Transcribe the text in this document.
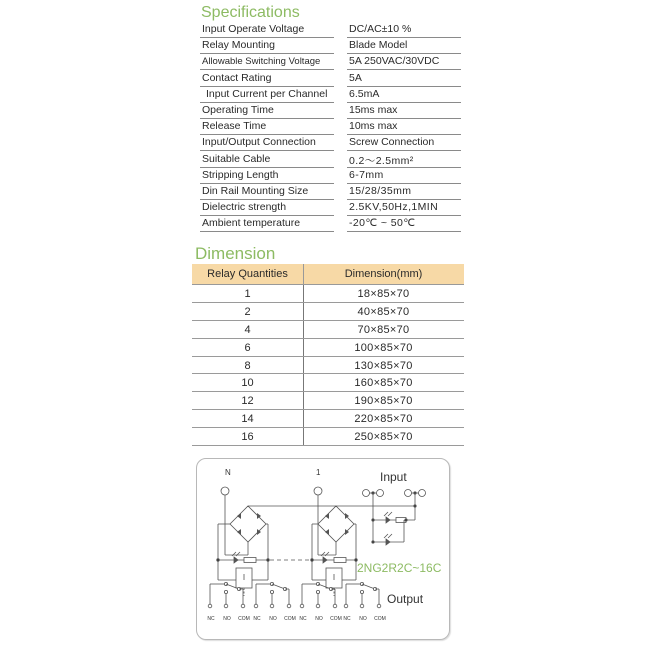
Specifications
Input Operate Voltage	DC/AC±10 %
Relay Mounting	Blade Model
Allowable Switching Voltage	5A 250VAC/30VDC
Contact Rating	5A
Input Current per Channel 6.5mA
Operating Time	15ms max
Release Time	10ms max
Input/Output Connection	Screw Connection
Suitable Cable	0.2～2.5mm²
Stripping Length	6-7mm
Din Rail Mounting Size	15/28/35mm
Dielectric strength	2.5KV,50Hz,1MIN
Ambient temperature	-20℃ ~ 50℃
Dimension
Relay Quantities	Dimension(mm)
1	18×85×70
2	40×85×70
4	70×85×70
6	100×85×70
8	130×85×70
10	160×85×70
12	190×85×70
14	220×85×70
16	250×85×70
N	1	Input
2NG2R2C~16C
Output
NC	NO	COM NC	NO	COM NC	NO	COM NC	NO	COM
